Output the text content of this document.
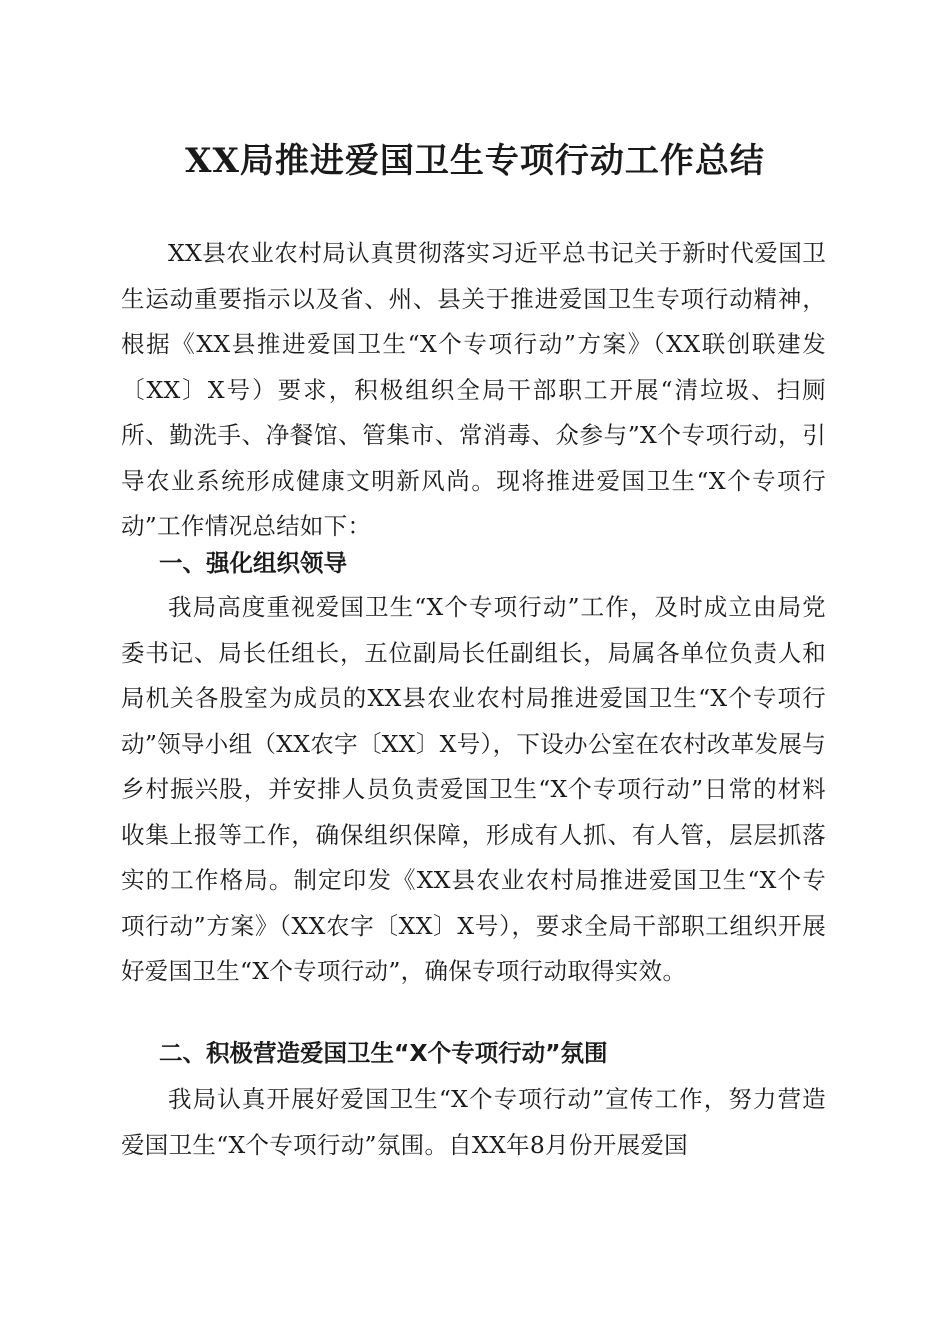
XX局推进爱国卫生专项行动工作总结

XX县农业农村局认真贯彻落实习近平总书记关于新时代爱国卫生运动重要指示以及省、州、县关于推进爱国卫生专项行动精神，根据《XX县推进爱国卫生“X个专项行动”方案》（XX联创联建发〔XX〕X号）要求，积极组织全局干部职工开展“清垃圾、扫厕所、勤洗手、净餐馆、管集市、常消毒、众参与”X个专项行动，引导农业系统形成健康文明新风尚。现将推进爱国卫生“X个专项行动”工作情况总结如下：

一、强化组织领导

我局高度重视爱国卫生“X个专项行动”工作，及时成立由局党委书记、局长任组长，五位副局长任副组长，局属各单位负责人和局机关各股室为成员的XX县农业农村局推进爱国卫生“X个专项行动”领导小组（XX农字〔XX〕X号），下设办公室在农村改革发展与乡村振兴股，并安排人员负责爱国卫生“X个专项行动”日常的材料收集上报等工作，确保组织保障，形成有人抓、有人管，层层抓落实的工作格局。制定印发《XX县农业农村局推进爱国卫生“X个专项行动”方案》（XX农字〔XX〕X号），要求全局干部职工组织开展好爱国卫生“X个专项行动”，确保专项行动取得实效。

二、积极营造爱国卫生“X个专项行动”氛围

我局认真开展好爱国卫生“X个专项行动”宣传工作，努力营造爱国卫生“X个专项行动”氛围。自XX年8月份开展爱国
